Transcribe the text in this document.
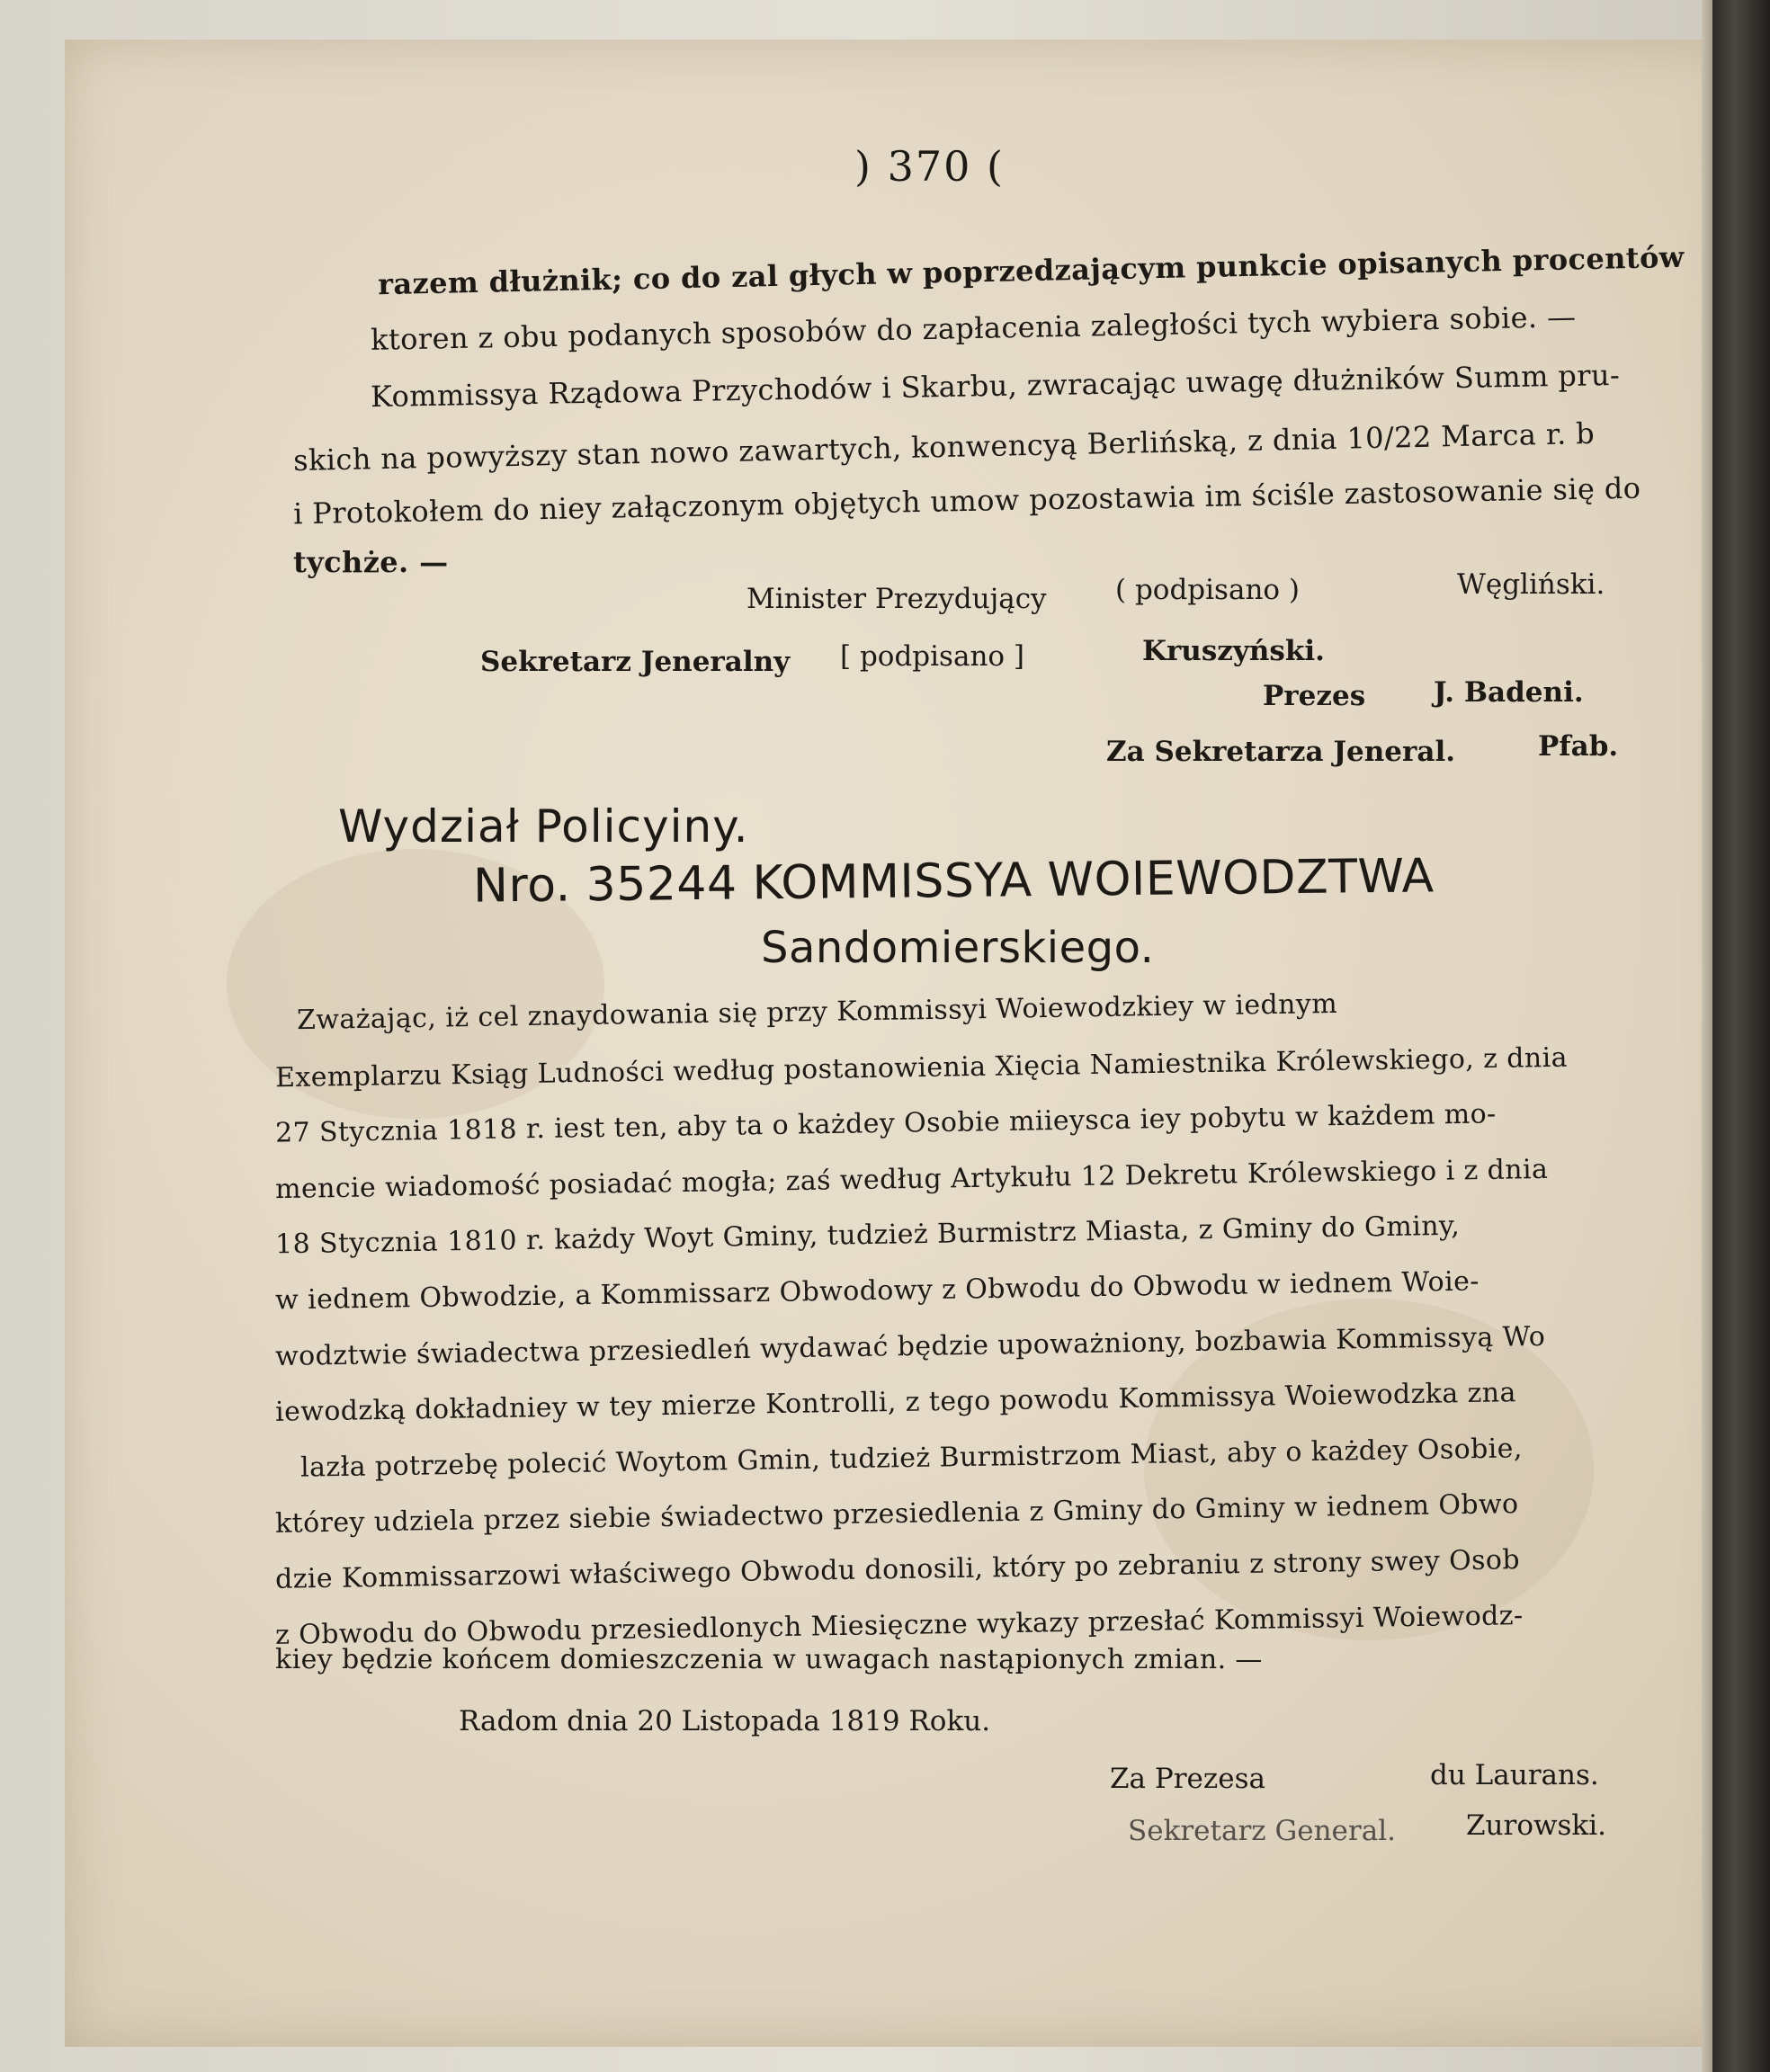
) 370 (
razem dłużnik; co do zal głych w poprzedzającym punkcie opisanych procentów
ktoren z obu podanych sposobów do zapłacenia zaległości tych wybiera sobie. —
Kommissya Rządowa Przychodów i Skarbu, zwracając uwagę dłużników Summ pru-
skich na powyższy stan nowo zawartych, konwencyą Berlińską, z dnia 10/22 Marca r. b
i Protokołem do niey załączonym objętych umow pozostawia im ściśle zastosowanie się do
tychże. —
Minister Prezydujący ( podpisano )	Węgliński.
Sekretarz Jeneralny [ podpisano ]	Kruszyński.
Prezes J. Badeni.
Za Sekretarza Jeneral.	Pfab.
Wydział Policyiny.
Nro. 35244 KOMMISSYA WOIEWODZTWA
Sandomierskiego.
Zważając, iż cel znaydowania się przy Kommissyi Woiewodzkiey w iednym
Exemplarzu Ksiąg Ludności według postanowienia Xięcia Namiestnika Królewskiego, z dnia
27 Stycznia 1818 r. iest ten, aby ta o każdey Osobie miieysca iey pobytu w każdem mo-
mencie wiadomość posiadać mogła; zaś według Artykułu 12 Dekretu Królewskiego i z dnia
18 Stycznia 1810 r. każdy Woyt Gminy, tudzież Burmistrz Miasta, z Gminy do Gminy,
w iednem Obwodzie, a Kommissarz Obwodowy z Obwodu do Obwodu w iednem Woie-
wodztwie świadectwa przesiedleń wydawać będzie upoważniony, bozbawia Kommissyą Wo
iewodzką dokładniey w tey mierze Kontrolli, z tego powodu Kommissya Woiewodzka zna
lazła potrzebę polecić Woytom Gmin, tudzież Burmistrzom Miast, aby o każdey Osobie,
którey udziela przez siebie świadectwo przesiedlenia z Gminy do Gminy w iednem Obwo
dzie Kommissarzowi właściwego Obwodu donosili, który po zebraniu z strony swey Osob
z Obwodu do Obwodu przesiedlonych Miesięczne wykazy przesłać Kommissyi Woiewodz-
kiey będzie końcem domieszczenia w uwagach nastąpionych zmian. —
Radom dnia 20 Listopada 1819 Roku.
Za Prezesa	du Laurans.
Sekretarz General.	Zurowski.
